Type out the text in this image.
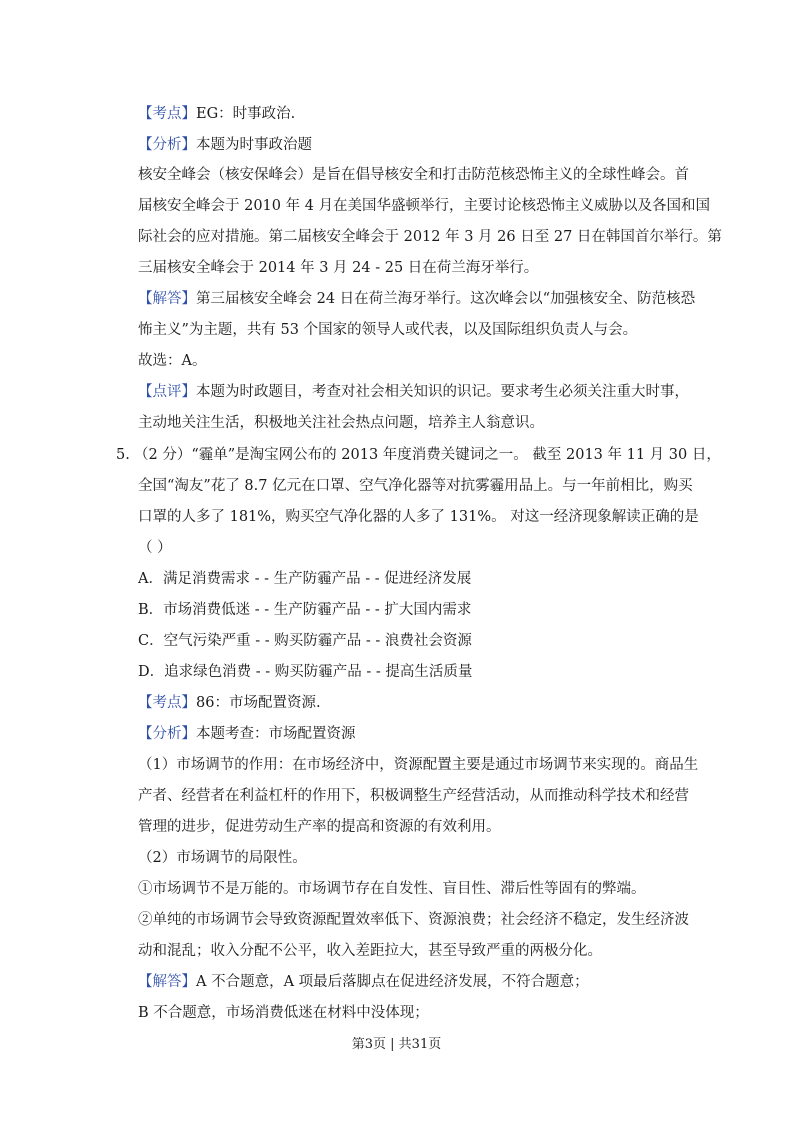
【考点】EG：时事政治.
【分析】本题为时事政治题
核安全峰会（核安保峰会）是旨在倡导核安全和打击防范核恐怖主义的全球性峰会。首
届核安全峰会于 2010 年 4 月在美国华盛顿举行，主要讨论核恐怖主义威胁以及各国和国
际社会的应对措施。第二届核安全峰会于 2012 年 3 月 26 日至 27 日在韩国首尔举行。第
三届核安全峰会于 2014 年 3 月 24 - 25 日在荷兰海牙举行。
【解答】第三届核安全峰会 24 日在荷兰海牙举行。这次峰会以“加强核安全、防范核恐
怖主义”为主题，共有 53 个国家的领导人或代表，以及国际组织负责人与会。
故选：A。
【点评】本题为时政题目，考查对社会相关知识的识记。要求考生必须关注重大时事，
主动地关注生活，积极地关注社会热点问题，培养主人翁意识。
5. （2 分）“霾单”是淘宝网公布的 2013 年度消费关键词之一。 截至 2013 年 11 月 30 日，
全国“淘友”花了 8.7 亿元在口罩、空气净化器等对抗雾霾用品上。与一年前相比，购买
口罩的人多了 181%，购买空气净化器的人多了 131%。 对这一经济现象解读正确的是
（ ）
A．满足消费需求 - - 生产防霾产品 - - 促进经济发展
B．市场消费低迷 - - 生产防霾产品 - - 扩大国内需求
C．空气污染严重 - - 购买防霾产品 - - 浪费社会资源
D．追求绿色消费 - - 购买防霾产品 - - 提高生活质量
【考点】86：市场配置资源.
【分析】本题考查：市场配置资源
（1）市场调节的作用：在市场经济中，资源配置主要是通过市场调节来实现的。商品生
产者、经营者在利益杠杆的作用下，积极调整生产经营活动，从而推动科学技术和经营
管理的进步，促进劳动生产率的提高和资源的有效利用。
（2）市场调节的局限性。
①市场调节不是万能的。市场调节存在自发性、盲目性、滞后性等固有的弊端。
②单纯的市场调节会导致资源配置效率低下、资源浪费；社会经济不稳定，发生经济波
动和混乱；收入分配不公平，收入差距拉大，甚至导致严重的两极分化。
【解答】A 不合题意，A 项最后落脚点在促进经济发展，不符合题意；
B 不合题意，市场消费低迷在材料中没体现；
第3页 | 共31页
